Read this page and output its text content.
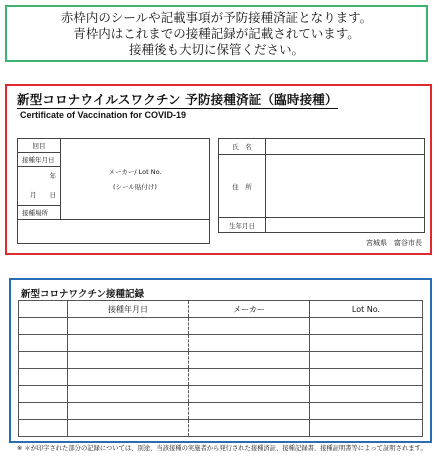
赤枠内のシールや記載事項が予防接種済証となります。
青枠内はこれまでの接種記録が記載されています。
接種後も大切に保管ください。
新型コロナウイルスワクチン 予防接種済証（臨時接種）
Certificate of Vaccination for COVID-19
回目
接種年月日
年
月 日
接種場所
メーカー/ Lot No.
(シール貼付け)
氏　名
住　所
生年月日
宮城県　富谷市長
新型コロナワクチン接種記録
	接種年月日	メーカー	Lot No.

※ ＊が印字された部分の記録については、別途、当該接種の実施者から発行された接種済証、接種記録書、接種証明書等によって証明されます。
